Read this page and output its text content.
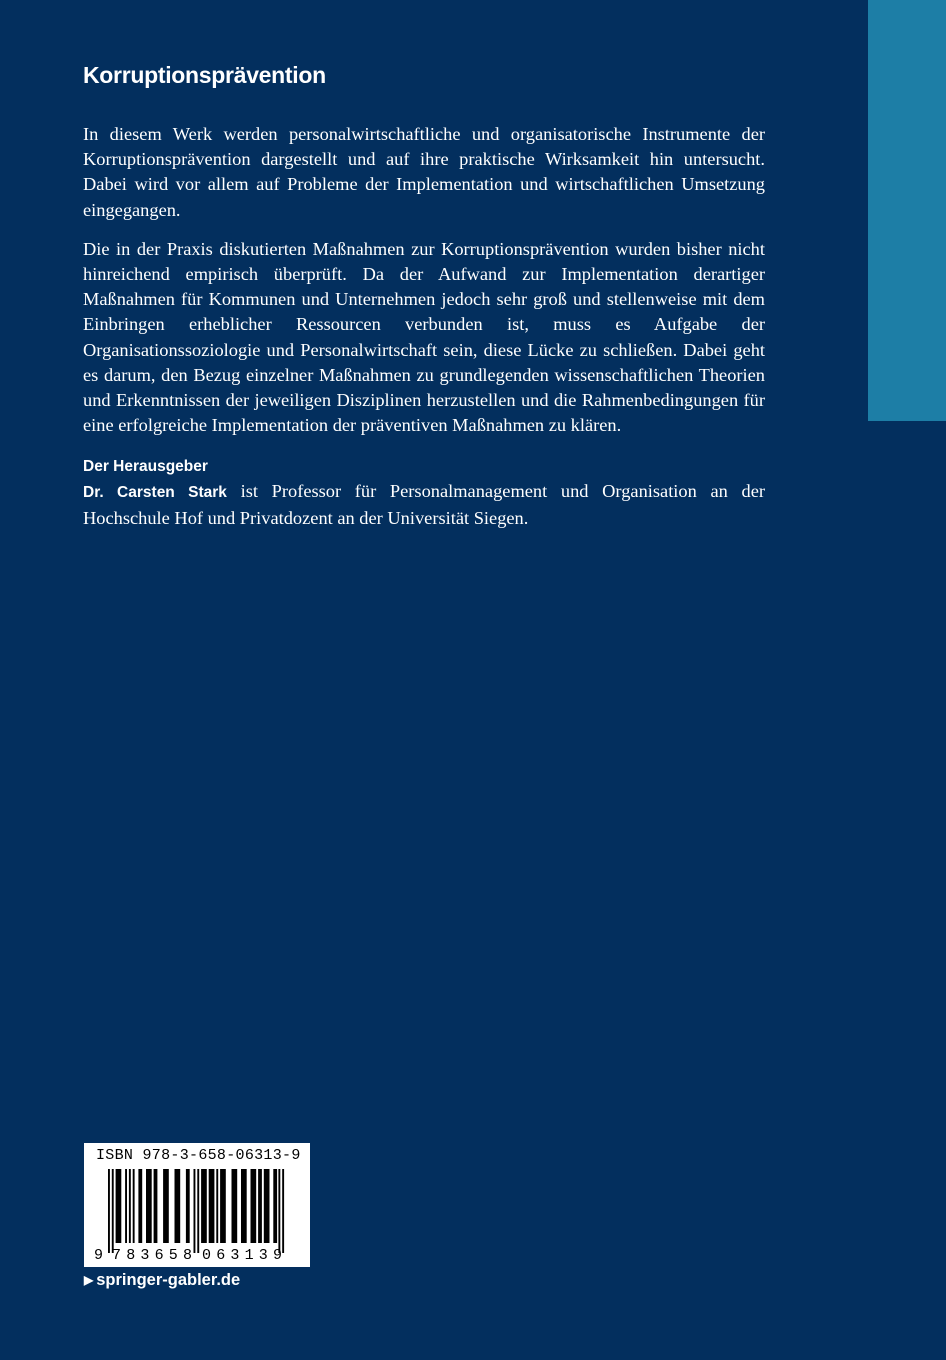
Korruptionsprävention

In diesem Werk werden personalwirtschaftliche und organisatorische Instrumente der Korruptionsprävention dargestellt und auf ihre praktische Wirksamkeit hin untersucht. Dabei wird vor allem auf Probleme der Implementation und wirtschaftlichen Umsetzung eingegangen.

Die in der Praxis diskutierten Maßnahmen zur Korruptionsprävention wurden bisher nicht hinreichend empirisch überprüft. Da der Aufwand zur Implementation derartiger Maßnahmen für Kommunen und Unternehmen jedoch sehr groß und stellenweise mit dem Einbringen erheblicher Ressourcen verbunden ist, muss es Aufgabe der Organisationssoziologie und Personalwirtschaft sein, diese Lücke zu schließen. Dabei geht es darum, den Bezug einzelner Maßnahmen zu grundlegenden wissenschaftlichen Theorien und Erkenntnissen der jeweiligen Disziplinen herzustellen und die Rahmenbedingungen für eine erfolgreiche Implementation der präventiven Maßnahmen zu klären.

Der Herausgeber

Dr. Carsten Stark ist Professor für Personalmanagement und Organisation an der Hochschule Hof und Privatdozent an der Universität Siegen.

9 783658 063139
ISBN 978-3-658-06313-9
▶ springer-gabler.de
